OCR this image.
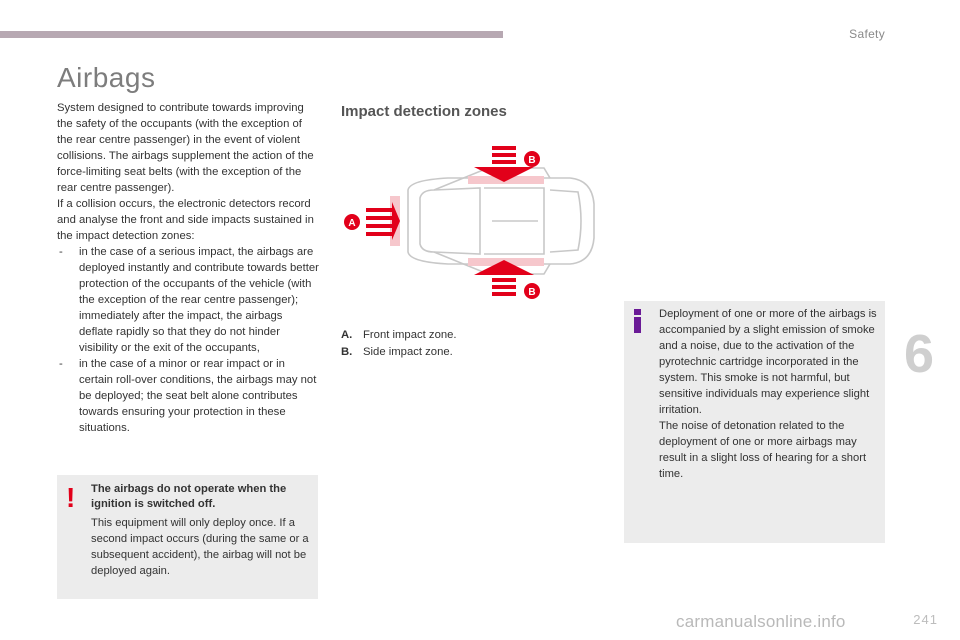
Safety
Airbags

System designed to contribute towards improving the safety of the occupants (with the exception of the rear centre passenger) in the event of violent collisions. The airbags supplement the action of the force-limiting seat belts (with the exception of the rear centre passenger).

If a collision occurs, the electronic detectors record and analyse the front and side impacts sustained in the impact detection zones:

- in the case of a serious impact, the airbags are deployed instantly and contribute towards better protection of the occupants of the vehicle (with the exception of the rear centre passenger); immediately after the impact, the airbags deflate rapidly so that they do not hinder visibility or the exit of the occupants,
- in the case of a minor or rear impact or in certain roll-over conditions, the airbags may not be deployed; the seat belt alone contributes towards ensuring your protection in these situations.
! The airbags do not operate when the ignition is switched off.
This equipment will only deploy once. If a second impact occurs (during the same or a subsequent accident), the airbag will not be deployed again.
Impact detection zones
A
B
B
A. Front impact zone.
B. Side impact zone.

Deployment of one or more of the airbags is accompanied by a slight emission of smoke and a noise, due to the activation of the pyrotechnic cartridge incorporated in the system. This smoke is not harmful, but sensitive individuals may experience slight irritation.

The noise of detonation related to the deployment of one or more airbags may result in a slight loss of hearing for a short time.

6
carmanualsonline.info	241
